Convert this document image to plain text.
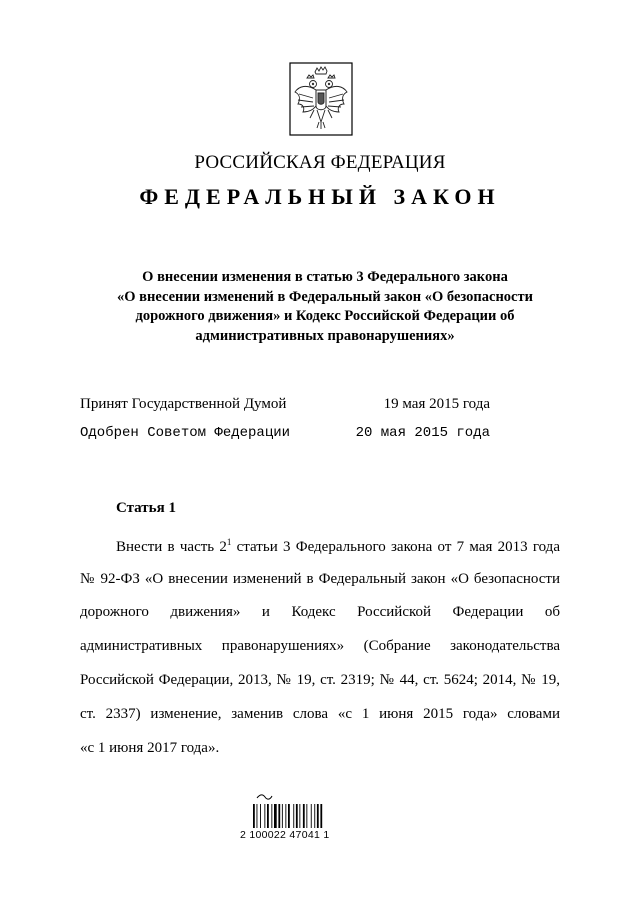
РОССИЙСКАЯ ФЕДЕРАЦИЯ
ФЕДЕРАЛЬНЫЙ ЗАКОН
О внесении изменения в статью 3 Федерального закона
«О внесении изменений в Федеральный закон «О безопасности
дорожного движения» и Кодекс Российской Федерации об
административных правонарушениях»
Принят Государственной Думой	19 мая 2015 года
Одобрен Советом Федерации	20 мая 2015 года
Статья 1
Внести в часть $2^1$ статьи 3 Федерального закона от 7 мая 2013 года
№ 92-ФЗ «О внесении изменений в Федеральный закон «О безопасности
дорожного движения» и Кодекс Российской Федерации об
административных правонарушениях» (Собрание законодательства
Российской Федерации, 2013, № 19, ст. 2319; № 44, ст. 5624; 2014, № 19,
ст. 2337) изменение, заменив слова «с 1 июня 2015 года» словами
«с 1 июня 2017 года».
2 100022 47041 1
